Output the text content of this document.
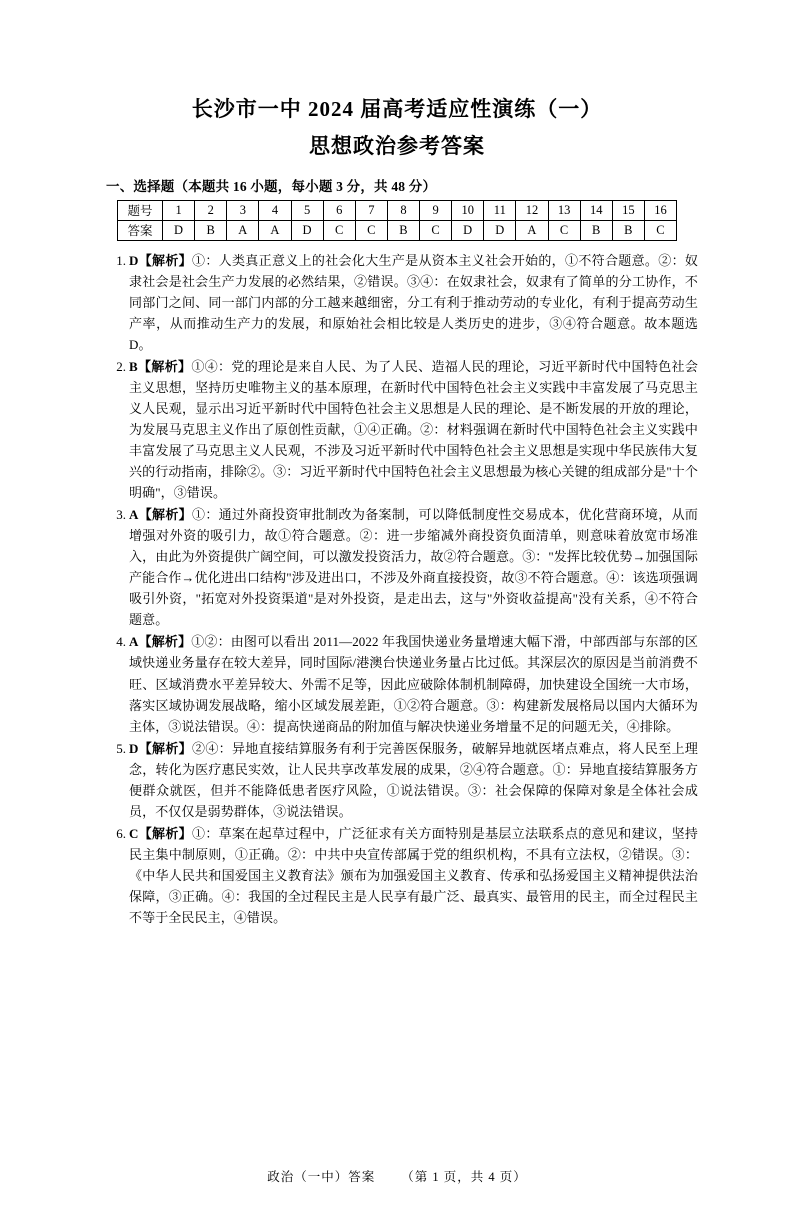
长沙市一中 2024 届高考适应性演练（一）
思想政治参考答案
一、选择题（本题共 16 小题，每小题 3 分，共 48 分）
题号	1	2	3	4	5	6	7	8	9	10	11	12	13	14	15	16
答案	D	B	A	A	D	C	C	B	C	D	D	A	C	B	B	C
1. D【解析】①：人类真正意义上的社会化大生产是从资本主义社会开始的，①不符合题意。②：奴隶社会是社会生产力发展的必然结果，②错误。③④：在奴隶社会，奴隶有了简单的分工协作，不同部门之间、同一部门内部的分工越来越细密，分工有利于推动劳动的专业化，有利于提高劳动生产率，从而推动生产力的发展，和原始社会相比较是人类历史的进步，③④符合题意。故本题选 D。
2. B【解析】①④：党的理论是来自人民、为了人民、造福人民的理论，习近平新时代中国特色社会主义思想，坚持历史唯物主义的基本原理，在新时代中国特色社会主义实践中丰富发展了马克思主义人民观，显示出习近平新时代中国特色社会主义思想是人民的理论、是不断发展的开放的理论，为发展马克思主义作出了原创性贡献，①④正确。②：材料强调在新时代中国特色社会主义实践中丰富发展了马克思主义人民观，不涉及习近平新时代中国特色社会主义思想是实现中华民族伟大复兴的行动指南，排除②。③：习近平新时代中国特色社会主义思想最为核心关键的组成部分是"十个明确"，③错误。
3. A【解析】①：通过外商投资审批制改为备案制，可以降低制度性交易成本，优化营商环境，从而增强对外资的吸引力，故①符合题意。②：进一步缩减外商投资负面清单，则意味着放宽市场准入，由此为外资提供广阔空间，可以激发投资活力，故②符合题意。③："发挥比较优势→加强国际产能合作→优化进出口结构"涉及进出口，不涉及外商直接投资，故③不符合题意。④：该选项强调吸引外资，"拓宽对外投资渠道"是对外投资，是走出去，这与"外资收益提高"没有关系，④不符合题意。
4. A【解析】①②：由图可以看出 2011—2022 年我国快递业务量增速大幅下滑，中部西部与东部的区域快递业务量存在较大差异，同时国际/港澳台快递业务量占比过低。其深层次的原因是当前消费不旺、区域消费水平差异较大、外需不足等，因此应破除体制机制障碍，加快建设全国统一大市场，落实区域协调发展战略，缩小区域发展差距，①②符合题意。③：构建新发展格局以国内大循环为主体，③说法错误。④：提高快递商品的附加值与解决快递业务增量不足的问题无关，④排除。
5. D【解析】②④：异地直接结算服务有利于完善医保服务，破解异地就医堵点难点，将人民至上理念，转化为医疗惠民实效，让人民共享改革发展的成果，②④符合题意。①：异地直接结算服务方便群众就医，但并不能降低患者医疗风险，①说法错误。③：社会保障的保障对象是全体社会成员，不仅仅是弱势群体，③说法错误。
6. C【解析】①：草案在起草过程中，广泛征求有关方面特别是基层立法联系点的意见和建议，坚持民主集中制原则，①正确。②：中共中央宣传部属于党的组织机构，不具有立法权，②错误。③：《中华人民共和国爱国主义教育法》颁布为加强爱国主义教育、传承和弘扬爱国主义精神提供法治保障，③正确。④：我国的全过程民主是人民享有最广泛、最真实、最管用的民主，而全过程民主不等于全民民主，④错误。
政治（一中）答案 （第 1 页，共 4 页）
